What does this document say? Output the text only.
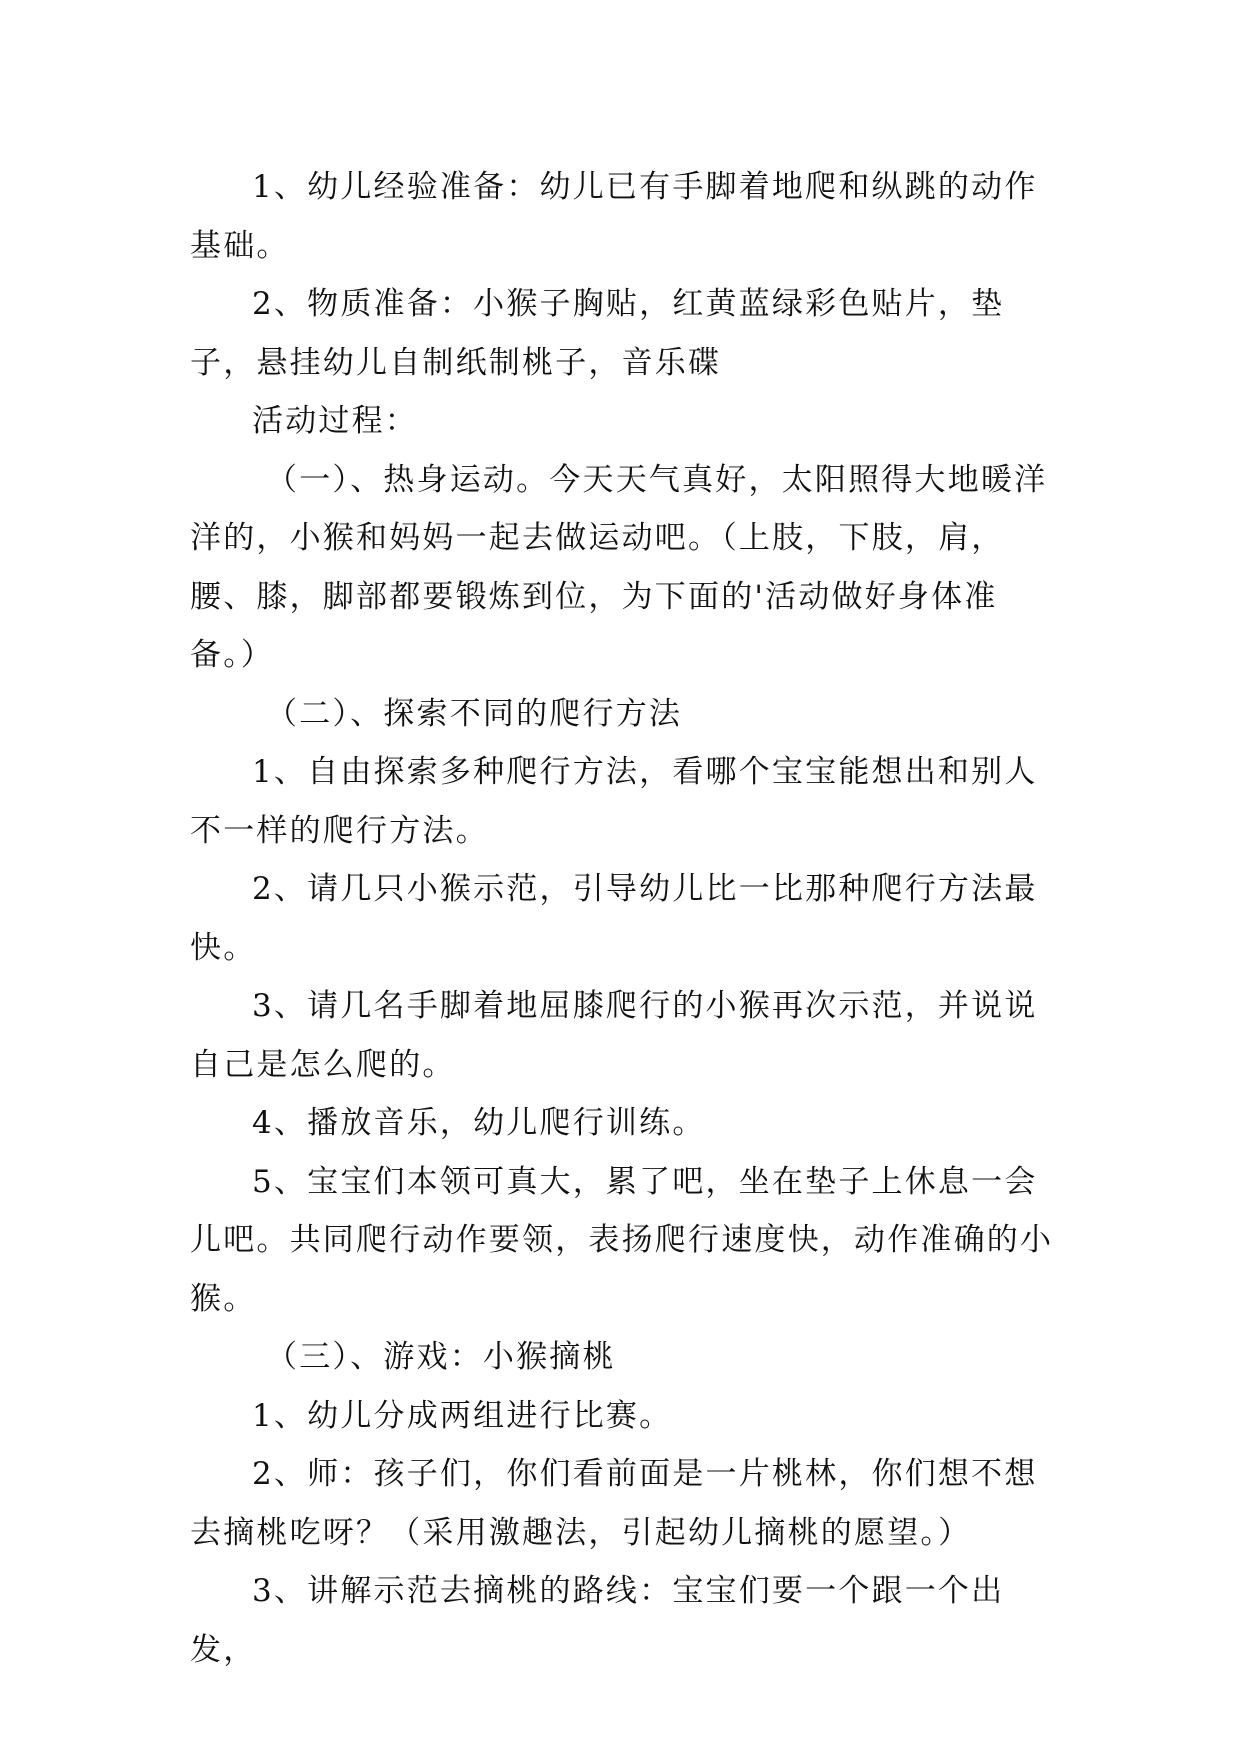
1、幼儿经验准备：幼儿已有手脚着地爬和纵跳的动作基础。

2、物质准备：小猴子胸贴，红黄蓝绿彩色贴片，垫子，悬挂幼儿自制纸制桃子，音乐碟

活动过程：

（一）、热身运动。今天天气真好，太阳照得大地暖洋洋的，小猴和妈妈一起去做运动吧。（上肢，下肢，肩，腰、膝，脚部都要锻炼到位，为下面的'活动做好身体准备。）

（二）、探索不同的爬行方法

1、自由探索多种爬行方法，看哪个宝宝能想出和别人不一样的爬行方法。

2、请几只小猴示范，引导幼儿比一比那种爬行方法最快。

3、请几名手脚着地屈膝爬行的小猴再次示范，并说说自己是怎么爬的。

4、播放音乐，幼儿爬行训练。

5、宝宝们本领可真大，累了吧，坐在垫子上休息一会儿吧。共同爬行动作要领，表扬爬行速度快，动作准确的小猴。

（三）、游戏：小猴摘桃

1、幼儿分成两组进行比赛。

2、师：孩子们，你们看前面是一片桃林，你们想不想去摘桃吃呀？（采用激趣法，引起幼儿摘桃的愿望。）

3、讲解示范去摘桃的路线：宝宝们要一个跟一个出发，
